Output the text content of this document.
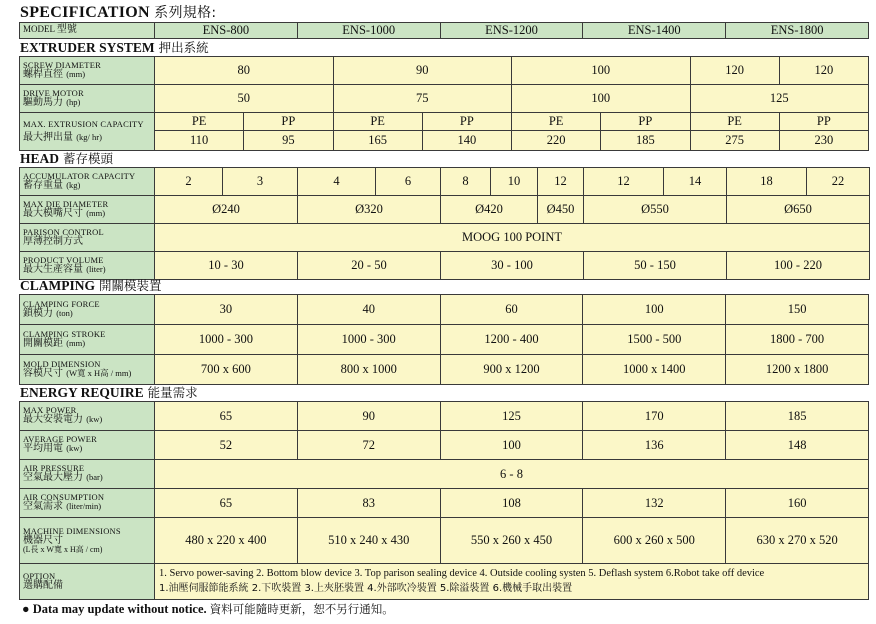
SPECIFICATION 系列規格:
MODEL 型號	ENS-800	ENS-1000	ENS-1200	ENS-1400	ENS-1800
EXTRUDER SYSTEM 押出系統
SCREW DIAMETER
螺桿直徑 (mm)	80		90		100		120	120

DRIVE MOTOR
驅動馬力 (hp)	50		75		100		125	

MAX. EXTRUSION CAPACITY
最大押出量 (kg/ hr)	PE	PP	PE	PP	PE	PP	PE	PP
	110	95	165	140	220	185	275	230
HEAD 蓄存模頭
ACCUMULATOR CAPACITY
蓄存重量 (kg)	2	3	4	6	8	10	12	12	14	18	22

MAX DIE DIAMETER
最大模嘴尺寸 (mm)	Ø240		Ø320		Ø420		Ø450	Ø550		Ø650	

PARISON CONTROL
厚薄控制方式	MOOG 100 POINT										

PRODUCT VOLUME
最大生產容量 (liter)	10 - 30		20 - 50		30 - 100			50 - 150		100 - 220	
CLAMPING 開關模裝置
CLAMPING FORCE
鎖模力 (ton)	30	40	60	100	150

CLAMPING STROKE
開關模距 (mm)	1000 - 300	1000 - 300	1200 - 400	1500 - 500	1800 - 700

MOLD DIMENSION
容模尺寸 (W寬 x H高 / mm)	700 x 600	800 x 1000	900 x 1200	1000 x 1400	1200 x 1800
ENERGY REQUIRE 能量需求
MAX POWER
最大安裝電力 (kw)	65	90	125	170	185

AVERAGE POWER
平均用電 (kw)	52	72	100	136	148

AIR PRESSURE
空氣最大壓力 (bar)	6 - 8				

AIR CONSUMPTION
空氣需求 (liter/min)	65	83	108	132	160

MACHINE DIMENSIONS
機器尺寸
(L長 x W寬 x H高 / cm)	480 x 220 x 400	510 x 240 x 430	550 x 260 x 450	600 x 260 x 500	630 x 270 x 520

OPTION
選購配備	1. Servo power-saving 2. Bottom blow device 3. Top parison sealing device 4. Outside cooling systen 5. Deflash system 6.Robot take off device
1.油壓伺服節能系統 2.下吹裝置 3.上夾胚裝置 4.外部吹冷裝置 5.除溢裝置 6.機械手取出裝置				
● Data may update without notice. 資料可能隨時更新，恕不另行通知。
